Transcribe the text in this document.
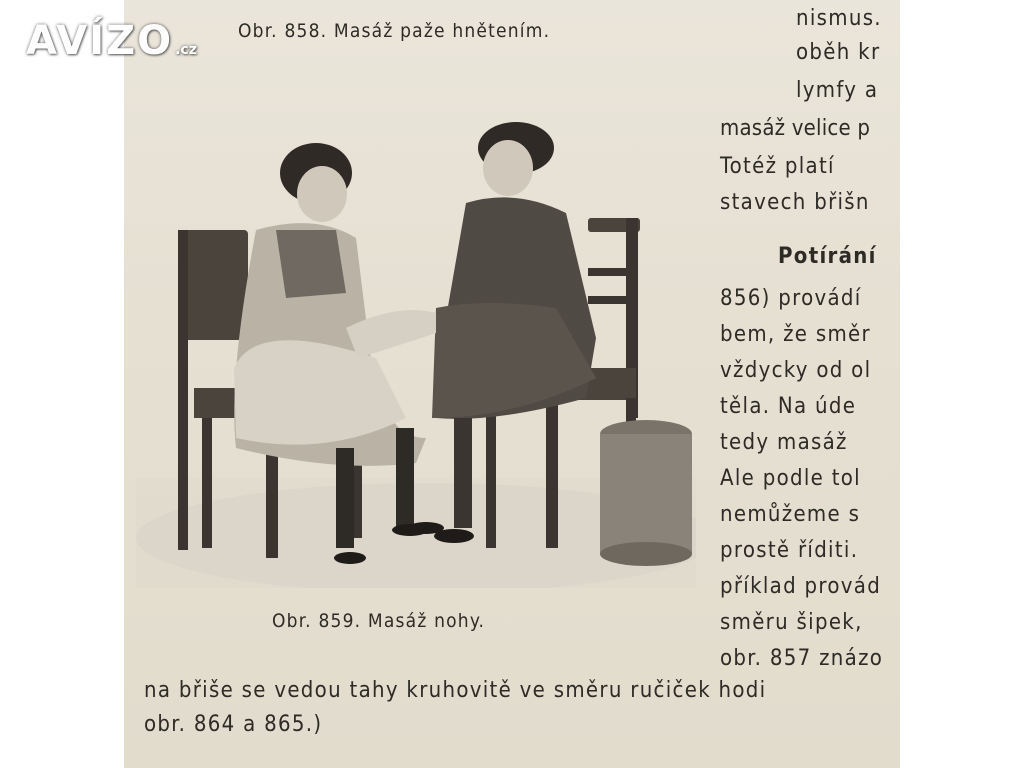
Obr. 858. Masáž paže hnětením.
Obr. 859. Masáž nohy.
nismus.
oběh kr
lymfy a
masáž velice p
Totéž platí
stavech břišn
Potírání
856) provádí
bem, že směr
vždycky od ol
těla. Na úde
tedy masáž
Ale podle tol
nemůžeme s
prostě říditi.
příklad provád
směru šipek,
obr. 857 znázo
na břiše se vedou tahy kruhovitě ve směru ručiček hodi
obr. 864 a 865.)
AVÍZO .cz
